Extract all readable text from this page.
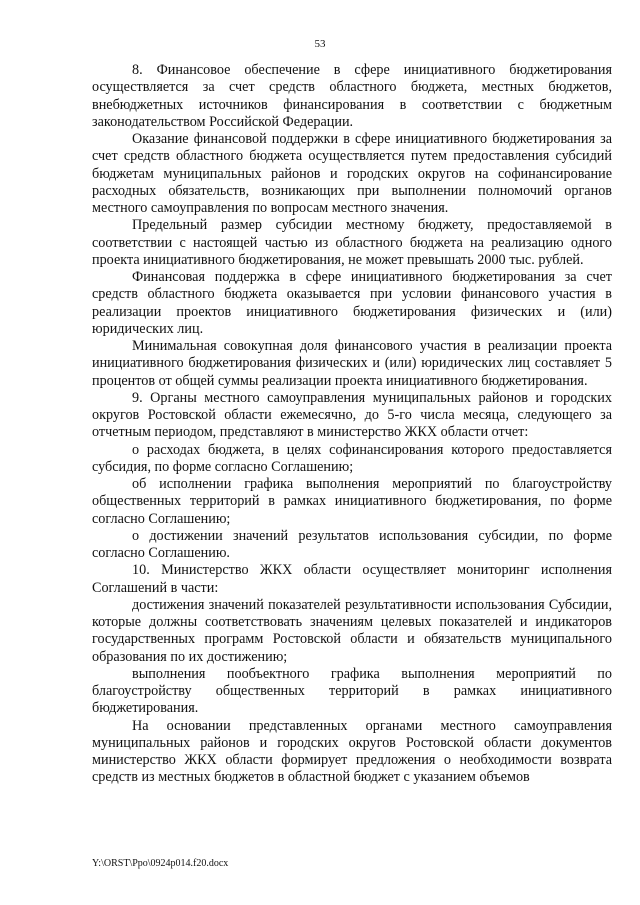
53

8. Финансовое обеспечение в сфере инициативного бюджетирования осуществляется за счет средств областного бюджета, местных бюджетов, внебюджетных источников финансирования в соответствии с бюджетным законодательством Российской Федерации.

Оказание финансовой поддержки в сфере инициативного бюджетирования за счет средств областного бюджета осуществляется путем предоставления субсидий бюджетам муниципальных районов и городских округов на софинансирование расходных обязательств, возникающих при выполнении полномочий органов местного самоуправления по вопросам местного значения.

Предельный размер субсидии местному бюджету, предоставляемой в соответствии с настоящей частью из областного бюджета на реализацию одного проекта инициативного бюджетирования, не может превышать 2000 тыс. рублей.

Финансовая поддержка в сфере инициативного бюджетирования за счет средств областного бюджета оказывается при условии финансового участия в реализации проектов инициативного бюджетирования физических и (или) юридических лиц.

Минимальная совокупная доля финансового участия в реализации проекта инициативного бюджетирования физических и (или) юридических лиц составляет 5 процентов от общей суммы реализации проекта инициативного бюджетирования.

9. Органы местного самоуправления муниципальных районов и городских округов Ростовской области ежемесячно, до 5-го числа месяца, следующего за отчетным периодом, представляют в министерство ЖКХ области отчет:

о расходах бюджета, в целях софинансирования которого предоставляется субсидия, по форме согласно Соглашению;

об исполнении графика выполнения мероприятий по благоустройству общественных территорий в рамках инициативного бюджетирования, по форме согласно Соглашению;

о достижении значений результатов использования субсидии, по форме согласно Соглашению.

10. Министерство ЖКХ области осуществляет мониторинг исполнения Соглашений в части:

достижения значений показателей результативности использования Субсидии, которые должны соответствовать значениям целевых показателей и индикаторов государственных программ Ростовской области и обязательств муниципального образования по их достижению;

выполнения пообъектного графика выполнения мероприятий по благоустройству общественных территорий в рамках инициативного бюджетирования.

На основании представленных органами местного самоуправления муниципальных районов и городских округов Ростовской области документов министерство ЖКХ области формирует предложения о необходимости возврата средств из местных бюджетов в областной бюджет с указанием объемов

Y:\ORST\Ppo\0924p014.f20.docx
